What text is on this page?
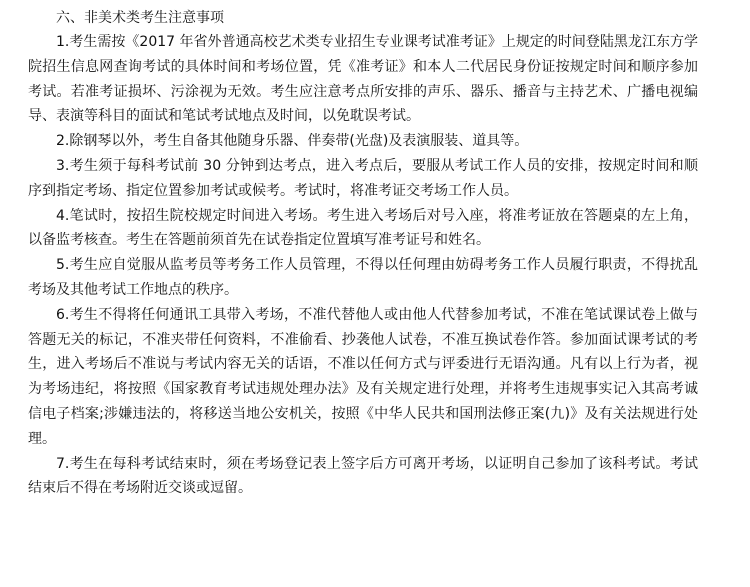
六、非美术类考生注意事项

1.考生需按《2017 年省外普通高校艺术类专业招生专业课考试准考证》上规定的时间登陆黑龙江东方学院招生信息网查询考试的具体时间和考场位置，凭《准考证》和本人二代居民身份证按规定时间和顺序参加考试。若准考证损坏、污涂视为无效。考生应注意考点所安排的声乐、器乐、播音与主持艺术、广播电视编导、表演等科目的面试和笔试考试地点及时间，以免耽误考试。

2.除钢琴以外，考生自备其他随身乐器、伴奏带(光盘)及表演服装、道具等。

3.考生须于每科考试前 30 分钟到达考点，进入考点后，要服从考试工作人员的安排，按规定时间和顺序到指定考场、指定位置参加考试或候考。考试时，将准考证交考场工作人员。

4.笔试时，按招生院校规定时间进入考场。考生进入考场后对号入座，将准考证放在答题桌的左上角，以备监考核查。考生在答题前须首先在试卷指定位置填写准考证号和姓名。

5.考生应自觉服从监考员等考务工作人员管理，不得以任何理由妨碍考务工作人员履行职责，不得扰乱考场及其他考试工作地点的秩序。

6.考生不得将任何通讯工具带入考场，不准代替他人或由他人代替参加考试，不准在笔试课试卷上做与答题无关的标记，不准夹带任何资料，不准偷看、抄袭他人试卷，不准互换试卷作答。参加面试课考试的考生，进入考场后不准说与考试内容无关的话语，不准以任何方式与评委进行无语沟通。凡有以上行为者，视为考场违纪，将按照《国家教育考试违规处理办法》及有关规定进行处理，并将考生违规事实记入其高考诚信电子档案;涉嫌违法的，将移送当地公安机关，按照《中华人民共和国刑法修正案(九)》及有关法规进行处理。

7.考生在每科考试结束时，须在考场登记表上签字后方可离开考场，以证明自己参加了该科考试。考试结束后不得在考场附近交谈或逗留。
